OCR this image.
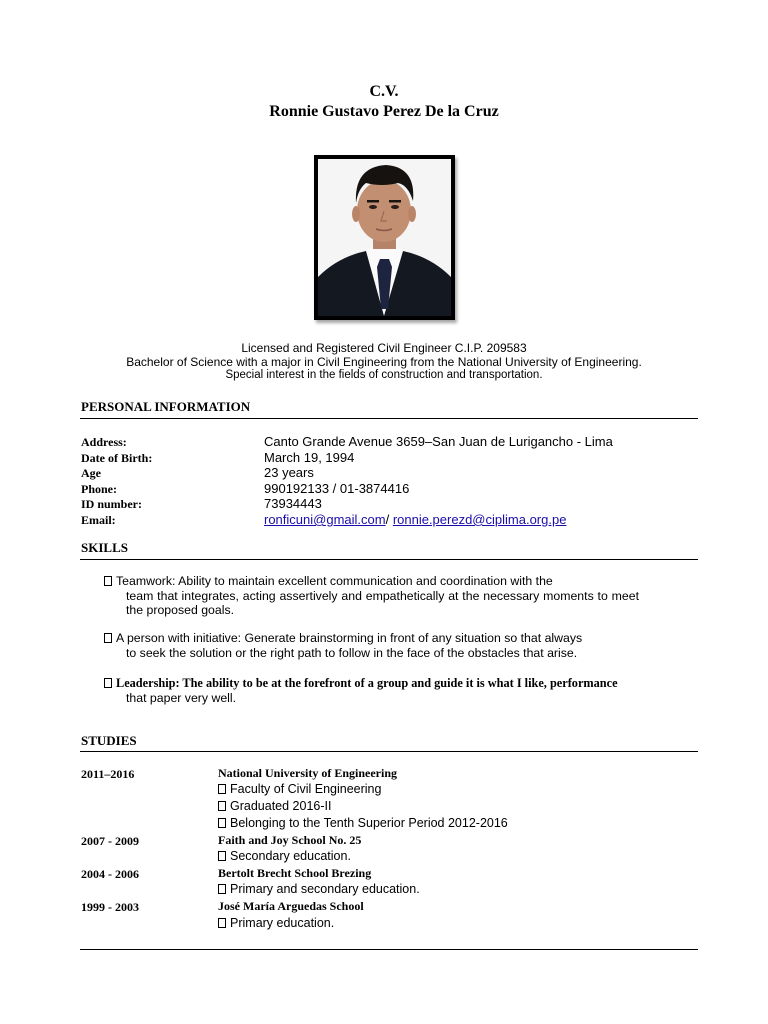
C.V.
Ronnie Gustavo Perez De la Cruz
Licensed and Registered Civil Engineer C.I.P. 209583
Bachelor of Science with a major in Civil Engineering from the National University of Engineering.
Special interest in the fields of construction and transportation.
PERSONAL INFORMATION
Address:	Canto Grande Avenue 3659–San Juan de Lurigancho - Lima
Date of Birth:	March 19, 1994
Age	23 years
Phone:	990192133 / 01-3874416
ID number:	73934443
Email:	ronficuni@gmail.com/ ronnie.perezd@ciplima.org.pe
SKILLS
Teamwork: Ability to maintain excellent communication and coordination with the
team that integrates, acting assertively and empathetically at the necessary moments to meet the proposed goals.
A person with initiative: Generate brainstorming in front of any situation so that always
to seek the solution or the right path to follow in the face of the obstacles that arise.
Leadership: The ability to be at the forefront of a group and guide it is what I like, performance
that paper very well.
STUDIES
2011–2016	National University of Engineering
Faculty of Civil Engineering
Graduated 2016-II
Belonging to the Tenth Superior Period 2012-2016
2007 - 2009	Faith and Joy School No. 25
Secondary education.
2004 - 2006	Bertolt Brecht School Brezing
Primary and secondary education.
1999 - 2003	José María Arguedas School
Primary education.
